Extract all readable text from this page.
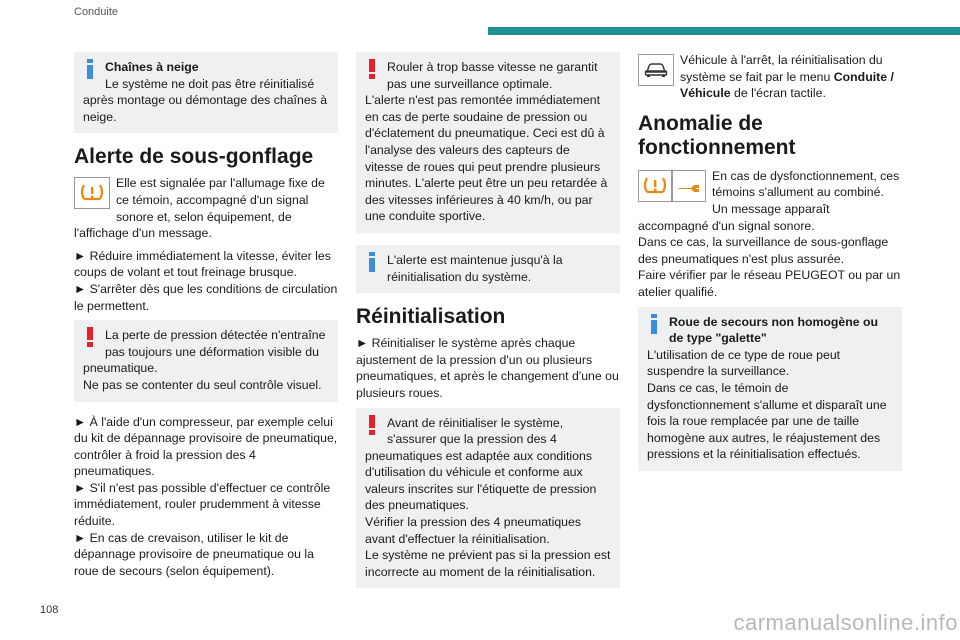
Conduite
Chaînes à neige
Le système ne doit pas être réinitialisé après montage ou démontage des chaînes à neige.
Alerte de sous-gonflage
Elle est signalée par l'allumage fixe de ce témoin, accompagné d'un signal sonore et, selon équipement, de l'affichage d'un message.
► Réduire immédiatement la vitesse, éviter les coups de volant et tout freinage brusque.
► S'arrêter dès que les conditions de circulation le permettent.
La perte de pression détectée n'entraîne pas toujours une déformation visible du pneumatique.
Ne pas se contenter du seul contrôle visuel.
► À l'aide d'un compresseur, par exemple celui du kit de dépannage provisoire de pneumatique, contrôler à froid la pression des 4 pneumatiques.
► S'il n'est pas possible d'effectuer ce contrôle immédiatement, rouler prudemment à vitesse réduite.
► En cas de crevaison, utiliser le kit de dépannage provisoire de pneumatique ou la roue de secours (selon équipement).
Rouler à trop basse vitesse ne garantit pas une surveillance optimale.
L'alerte n'est pas remontée immédiatement en cas de perte soudaine de pression ou d'éclatement du pneumatique. Ceci est dû à l'analyse des valeurs des capteurs de vitesse de roues qui peut prendre plusieurs minutes. L'alerte peut être un peu retardée à des vitesses inférieures à 40 km/h, ou par une conduite sportive.
L'alerte est maintenue jusqu'à la réinitialisation du système.
Réinitialisation
► Réinitialiser le système après chaque ajustement de la pression d'un ou plusieurs pneumatiques, et après le changement d'une ou plusieurs roues.
Avant de réinitialiser le système, s'assurer que la pression des 4 pneumatiques est adaptée aux conditions d'utilisation du véhicule et conforme aux valeurs inscrites sur l'étiquette de pression des pneumatiques.
Vérifier la pression des 4 pneumatiques avant d'effectuer la réinitialisation.
Le système ne prévient pas si la pression est incorrecte au moment de la réinitialisation.
Véhicule à l'arrêt, la réinitialisation du système se fait par le menu Conduite / Véhicule de l'écran tactile.
Anomalie de fonctionnement
En cas de dysfonctionnement, ces témoins s'allument au combiné.
Un message apparaît accompagné d'un signal sonore.
Dans ce cas, la surveillance de sous-gonflage des pneumatiques n'est plus assurée.
Faire vérifier par le réseau PEUGEOT ou par un atelier qualifié.
Roue de secours non homogène ou de type "galette"
L'utilisation de ce type de roue peut suspendre la surveillance.
Dans ce cas, le témoin de dysfonctionnement s'allume et disparaît une fois la roue remplacée par une de taille homogène aux autres, le réajustement des pressions et la réinitialisation effectués.
108	carmanualsonline.info
